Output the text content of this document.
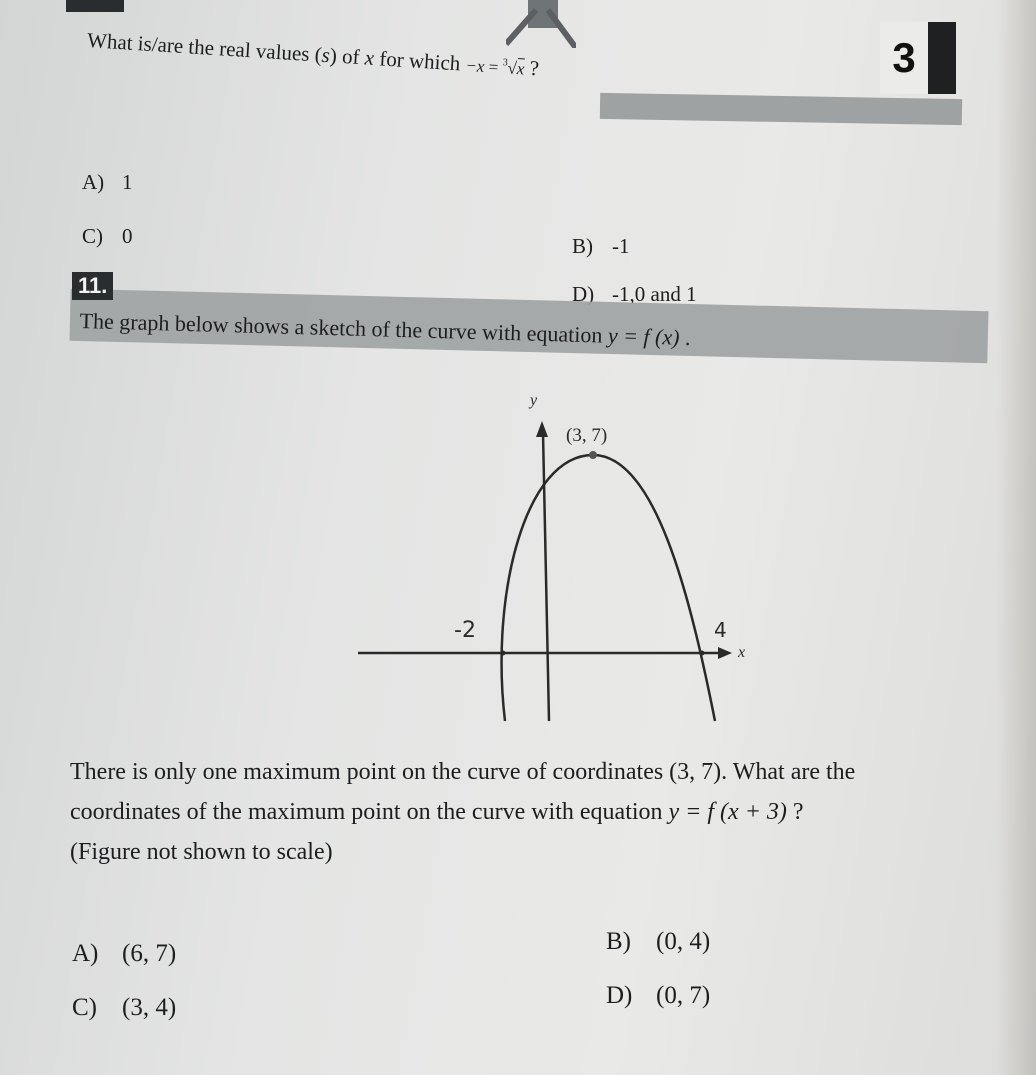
3
What is/are the real values (s) of x for which −x = $^3$√x ?
A) 1
C) 0	B) -1
D) -1,0 and 1
11.
The graph below shows a sketch of the curve with equation y = f (x) .
y
x
(3, 7)
-2	4
There is only one maximum point on the curve of coordinates (3, 7). What are the
coordinates of the maximum point on the curve with equation y = f (x + 3) ?
(Figure not shown to scale)
A) (6, 7)
C) (3, 4)
B) (0, 4)
D) (0, 7)
